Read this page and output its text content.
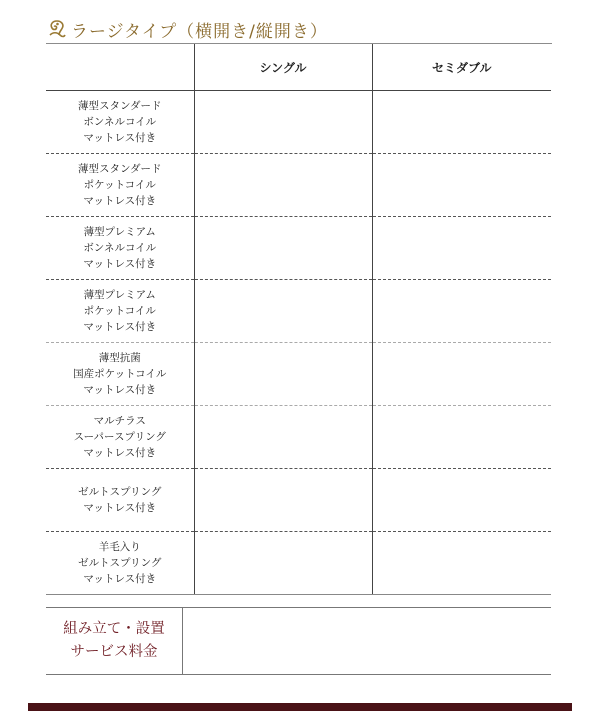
ラージタイプ（横開き/縦開き）
	シングル	セミダブル

薄型スタンダード
ボンネルコイル
マットレス付き		

薄型スタンダード
ポケットコイル
マットレス付き		

薄型プレミアム
ボンネルコイル
マットレス付き		

薄型プレミアム
ポケットコイル
マットレス付き		

薄型抗菌
国産ポケットコイル
マットレス付き		

マルチラス
スーパースプリング
マットレス付き		

ゼルトスプリング
マットレス付き		

羊毛入り
ゼルトスプリング
マットレス付き		

組み立て・設置
サービス料金
